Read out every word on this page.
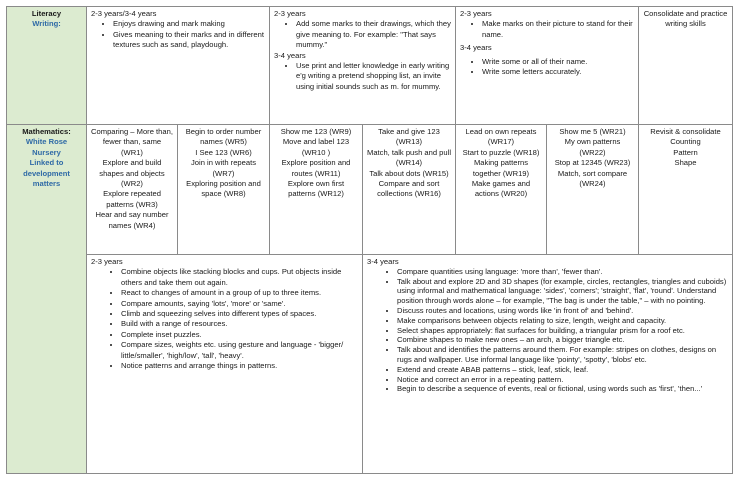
Literacy
Writing:
2-3 years/3-4 years
• Enjoys drawing and mark making
• Gives meaning to their marks and in different textures such as sand, playdough.
2-3 years
• Add some marks to their drawings, which they give meaning to. For example: "That says mummy."
3-4 years
• Use print and letter knowledge in early writing e'g writing a pretend shopping list, an invite using initial sounds such as m. for mummy.
2-3 years
• Make marks on their picture to stand for their name.
3-4 years
• Write some or all of their name.
• Write some letters accurately.
Consolidate and practice writing skills
Mathematics:
White Rose
Nursery
Linked to
development
matters
Comparing – More than, fewer than, same (WR1)
Explore and build shapes and objects (WR2)
Explore repeated patterns (WR3)
Hear and say number names (WR4)
Begin to order number names (WR5)
I See 123 (WR6)
Join in with repeats (WR7)
Exploring position and space (WR8)
Show me 123 (WR9)
Move and label 123 (WR10 )
Explore position and routes (WR11)
Explore own first patterns (WR12)
Take and give 123 (WR13)
Match, talk push and pull (WR14)
Talk about dots (WR15)
Compare and sort collections (WR16)
Lead on own repeats (WR17)
Start to puzzle (WR18)
Making patterns together (WR19)
Make games and actions (WR20)
Show me 5 (WR21)
My own patterns (WR22)
Stop at 12345 (WR23)
Match, sort compare (WR24)
Revisit & consolidate
Counting
Pattern
Shape
2-3 years
• Combine objects like stacking blocks and cups. Put objects inside others and take them out again.
• React to changes of amount in a group of up to three items.
• Compare amounts, saying 'lots', 'more' or 'same'.
• Climb and squeezing selves into different types of spaces.
• Build with a range of resources.
• Complete inset puzzles.
• Compare sizes, weights etc. using gesture and language - 'bigger/ little/smaller', 'high/low', 'tall', 'heavy'.
• Notice patterns and arrange things in patterns.
3-4 years
• Compare quantities using language: 'more than', 'fewer than'.
• Talk about and explore 2D and 3D shapes (for example, circles, rectangles, triangles and cuboids) using informal and mathematical language: 'sides', 'corners'; 'straight', 'flat', 'round'. Understand position through words alone – for example, "The bag is under the table," – with no pointing.
• Discuss routes and locations, using words like 'in front of' and 'behind'.
• Make comparisons between objects relating to size, length, weight and capacity.
• Select shapes appropriately: flat surfaces for building, a triangular prism for a roof etc.
• Combine shapes to make new ones – an arch, a bigger triangle etc.
• Talk about and identifies the patterns around them. For example: stripes on clothes, designs on rugs and wallpaper. Use informal language like 'pointy', 'spotty', 'blobs' etc.
• Extend and create ABAB patterns – stick, leaf, stick, leaf.
• Notice and correct an error in a repeating pattern.
• Begin to describe a sequence of events, real or fictional, using words such as 'first', 'then...'
